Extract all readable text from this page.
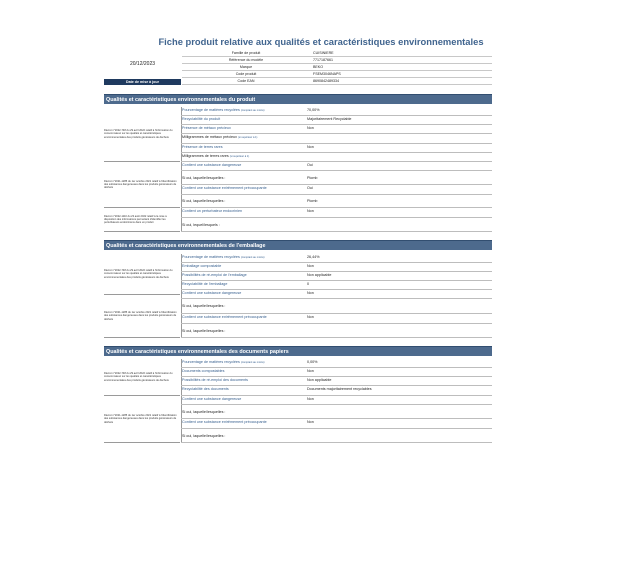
Fiche produit relative aux qualités et caractéristiques environnementales
20/12/2023
Date de mise à jour
Famille de produit	CUISINIERE
Référence du modèle	7717187661
Marque	BEKO
Code produit	FSEM3046NAPS
Code EAN	8690842489334
Qualités et caractéristiques environnementales du produit
Décret n°2022-748 du 29 avril 2022 relatif à l'information du consommateur sur les qualités et caractéristiques environnementales des produits générateurs de déchets
Décret n°2021-1285 du 1er octobre 2021 relatif à l'identification des substances dangereuses dans les produits générateurs de déchets
Décret n°2022-1110 du 23 août 2022 relatif à la mise à disposition des informations permettant d'identifier les perturbateurs endocriniens dans un produit
Pourcentage de matières recyclées (comptant au moins)	70,00%
Recyclabilité du produit	Majoritairement Recyclable
Présence de métaux précieux	Non
Milligrammes de métaux précieux (si supérieur à 1)
Présence de terres rares	Non
Milligrammes de terres rares (si supérieur à 1)
Contient une substance dangereuse	Oui
Si oui, laquelle/lesquelles :	Plomb
Contient une substance extrêmement préoccupante	Oui
Si oui, laquelle/lesquelles :	Plomb
Contient un perturbateur endocrinien	Non
Si oui, lequel/lesquels :
Qualités et caractéristiques environnementales de l'emballage
Décret n°2022-748 du 29 avril 2022 relatif à l'information du consommateur sur les qualités et caractéristiques environnementales des produits générateurs de déchets
Décret n°2021-1285 du 1er octobre 2021 relatif à l'identification des substances dangereuses dans les produits générateurs de déchets
Pourcentage de matières recyclées (comptant au moins)	26,44%
Emballage compostable	Non
Possibilités de ré-emploi de l'emballage	Non applicable
Recyclabilité de l'emballage	0
Contient une substance dangereuse	Non
Si oui, laquelle/lesquelles :
Contient une substance extrêmement préoccupante	Non
Si oui, laquelle/lesquelles :
Qualités et caractéristiques environnementales des documents papiers
Décret n°2022-748 du 29 avril 2022 relatif à l'information du consommateur sur les qualités et caractéristiques environnementales des produits générateurs de déchets
Décret n°2021-1285 du 1er octobre 2021 relatif à l'identification des substances dangereuses dans les produits générateurs de déchets
Pourcentage de matières recyclées (comptant au moins)	0,00%
Documents compostables	Non
Possibilités de ré-emploi des documents	Non applicable
Recyclabilité des documents	Documents majoritairement recyclables
Contient une substance dangereuse	Non
Si oui, laquelle/lesquelles :
Contient une substance extrêmement préoccupante	Non
Si oui, laquelle/lesquelles :
